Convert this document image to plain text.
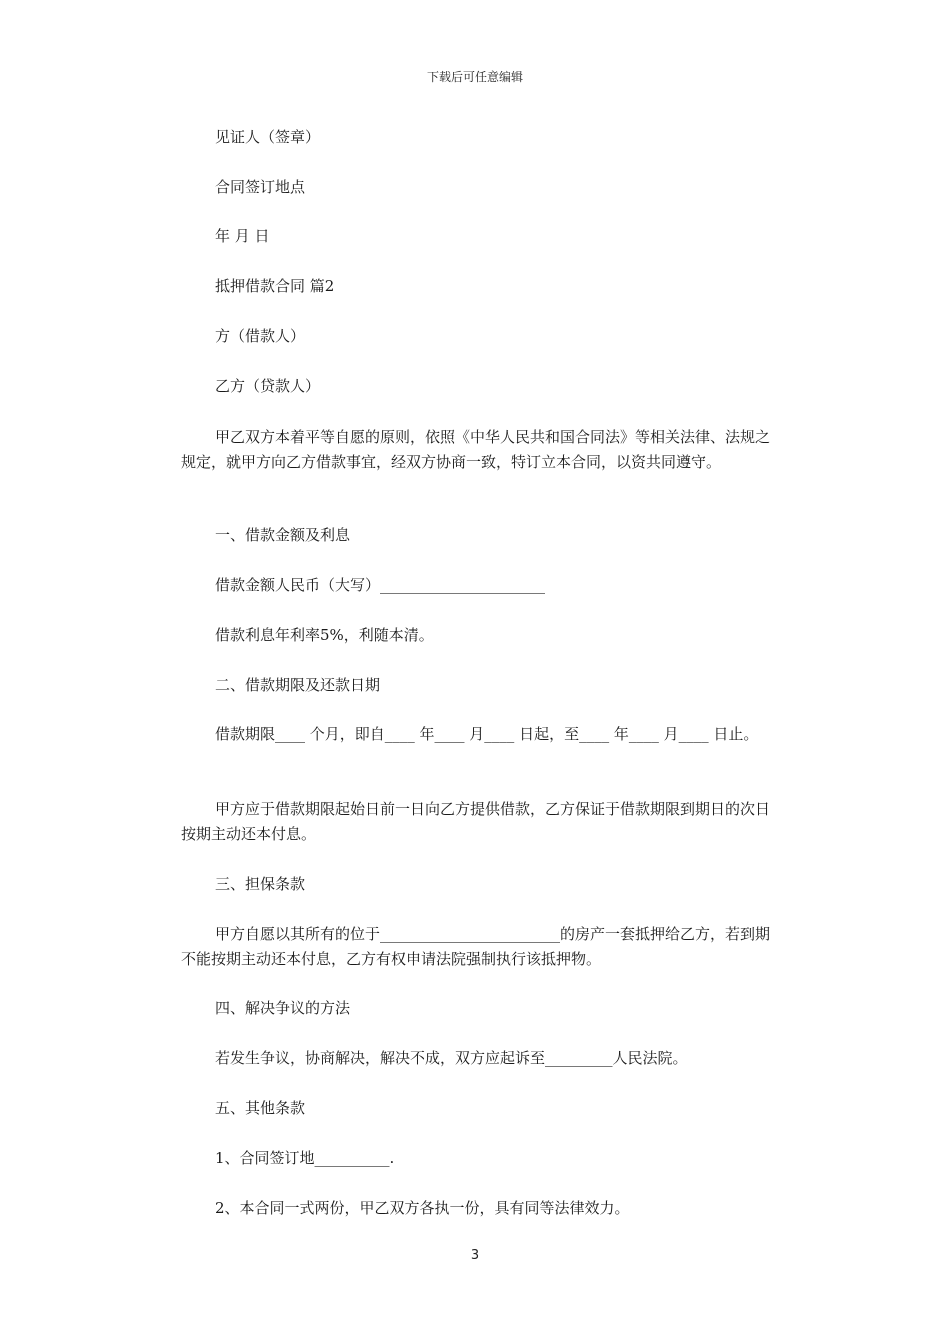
下载后可任意编辑
见证人（签章）
合同签订地点
年 月 日
抵押借款合同 篇2
方（借款人）
乙方（贷款人）
甲乙双方本着平等自愿的原则，依照《中华人民共和国合同法》等相关法律、法规之规定，就甲方向乙方借款事宜，经双方协商一致，特订立本合同，以资共同遵守。
一、借款金额及利息
借款金额人民币（大写）______________________
借款利息年利率5%，利随本清。
二、借款期限及还款日期
借款期限____ 个月，即自____ 年____ 月____ 日起，至____ 年____ 月____ 日止。
甲方应于借款期限起始日前一日向乙方提供借款，乙方保证于借款期限到期日的次日按期主动还本付息。
三、担保条款
甲方自愿以其所有的位于________________________的房产一套抵押给乙方，若到期不能按期主动还本付息，乙方有权申请法院强制执行该抵押物。
四、解决争议的方法
若发生争议，协商解决，解决不成，双方应起诉至_________人民法院。
五、其他条款
1、合同签订地__________.
2、本合同一式两份，甲乙双方各执一份，具有同等法律效力。
3
